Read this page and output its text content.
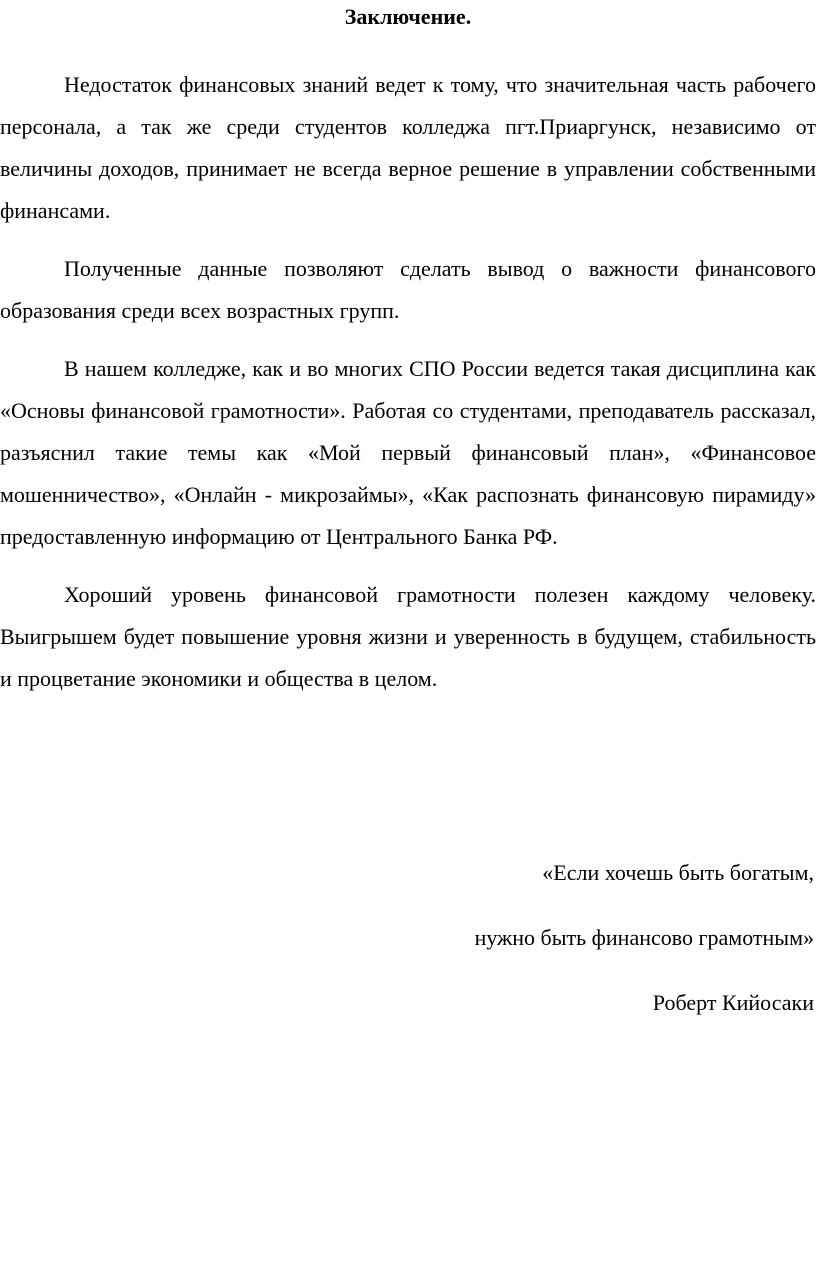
Заключение.

Недостаток финансовых знаний ведет к тому, что значительная часть рабочего персонала, а так же среди студентов колледжа пгт.Приаргунск, независимо от величины доходов, принимает не всегда верное решение в управлении собственными финансами.

Полученные данные позволяют сделать вывод о важности финансового образования среди всех возрастных групп.

В нашем колледже, как и во многих СПО России ведется такая дисциплина как «Основы финансовой грамотности». Работая со студентами, преподаватель рассказал, разъяснил такие темы как «Мой первый финансовый план», «Финансовое мошенничество», «Онлайн - микрозаймы», «Как распознать финансовую пирамиду» предоставленную информацию от Центрального Банка РФ.

Хороший уровень финансовой грамотности полезен каждому человеку. Выигрышем будет повышение уровня жизни и уверенность в будущем, стабильность и процветание экономики и общества в целом.

«Если хочешь быть богатым,

нужно быть финансово грамотным»

Роберт Кийосаки
